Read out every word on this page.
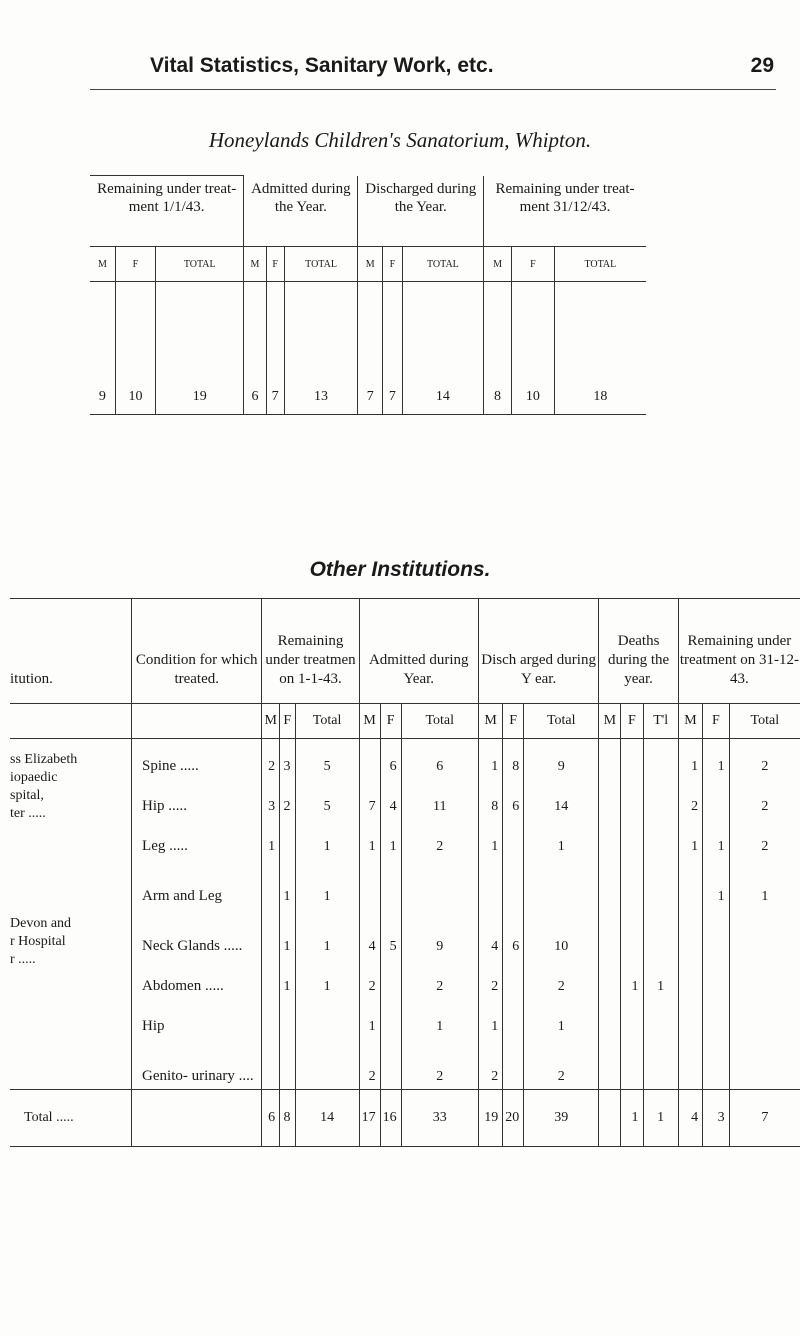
Vital Statistics, Sanitary Work, etc.	29
Honeylands Children's Sanatorium, Whipton.
Remaining under treat- ment 1/1/43.			Admitted during the Year.			Discharged during the Year.			Remaining under treat- ment 31/12/43.		
M	F	TOTAL	M	F	TOTAL	M	F	TOTAL	M	F	TOTAL

9	10	19	6	7	13	7	7	14	8	10	18
Other Institutions.
itution.	Condition for which treated.	Remaining under treatmen on 1-1-43.			Admitted during Year.			Disch arged during Y ear.			Deaths during the year.			Remaining under treatment on 31-12-43.		
		M	F	Total	M	F	Total	M	F	Total	M	F	T'l	M	F	Total

ss Elizabeth
iopaedic
spital,
ter .....	Spine .....	2	3	5		6	6	1	8	9				1	1	2
	Hip .....	3	2	5	7	4	11	8	6	14				2		2
	Leg .....	1		1	1	1	2	1		1				1	1	2

Devon and
r Hospital
r .....	Arm and Leg		1	1											1	1
	Neck Glands .....		1	1	4	5	9	4	6	10						
	Abdomen .....		1	1	2		2	2		2		1	1			
	Hip				1		1	1		1						
	Genito- urinary ....				2		2	2		2						
Total .....		6	8	14	17	16	33	19	20	39		1	1	4	3	7
